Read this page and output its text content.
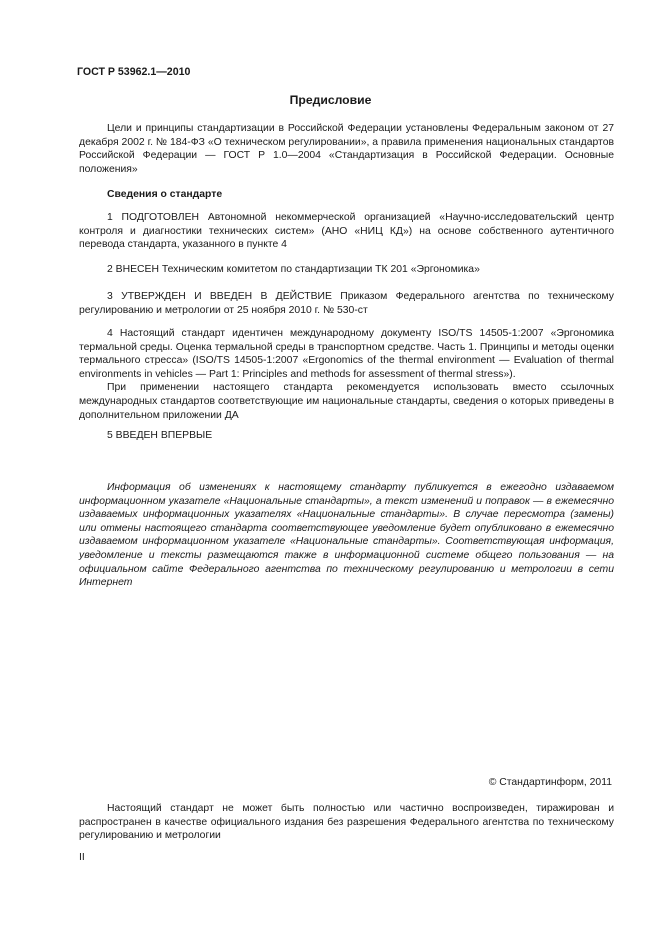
ГОСТ Р 53962.1—2010
Предисловие

Цели и принципы стандартизации в Российской Федерации установлены Федеральным законом от 27 декабря 2002 г. № 184-ФЗ «О техническом регулировании», а правила применения национальных стандартов Российской Федерации — ГОСТ Р 1.0—2004 «Стандартизация в Российской Федерации. Основные положения»

Сведения о стандарте

1 ПОДГОТОВЛЕН Автономной некоммерческой организацией «Научно-исследовательский центр контроля и диагностики технических систем» (АНО «НИЦ КД») на основе собственного аутентичного перевода стандарта, указанного в пункте 4

2 ВНЕСЕН Техническим комитетом по стандартизации ТК 201 «Эргономика»

3 УТВЕРЖДЕН И ВВЕДЕН В ДЕЙСТВИЕ Приказом Федерального агентства по техническому регулированию и метрологии от 25 ноября 2010 г. № 530-ст

4 Настоящий стандарт идентичен международному документу ISO/TS 14505-1:2007 «Эргономика термальной среды. Оценка термальной среды в транспортном средстве. Часть 1. Принципы и методы оценки термального стресса» (ISO/TS 14505-1:2007 «Ergonomics of the thermal environment — Evaluation of thermal environments in vehicles — Part 1: Principles and methods for assessment of thermal stress»).

При применении настоящего стандарта рекомендуется использовать вместо ссылочных международных стандартов соответствующие им национальные стандарты, сведения о которых приведены в дополнительном приложении ДА

5 ВВЕДЕН ВПЕРВЫЕ

Информация об изменениях к настоящему стандарту публикуется в ежегодно издаваемом информационном указателе «Национальные стандарты», а текст изменений и поправок — в ежемесячно издаваемых информационных указателях «Национальные стандарты». В случае пересмотра (замены) или отмены настоящего стандарта соответствующее уведомление будет опубликовано в ежемесячно издаваемом информационном указателе «Национальные стандарты». Соответствующая информация, уведомление и тексты размещаются также в информационной системе общего пользования — на официальном сайте Федерального агентства по техническому регулированию и метрологии в сети Интернет

© Стандартинформ, 2011

Настоящий стандарт не может быть полностью или частично воспроизведен, тиражирован и распространен в качестве официального издания без разрешения Федерального агентства по техническому регулированию и метрологии

II
